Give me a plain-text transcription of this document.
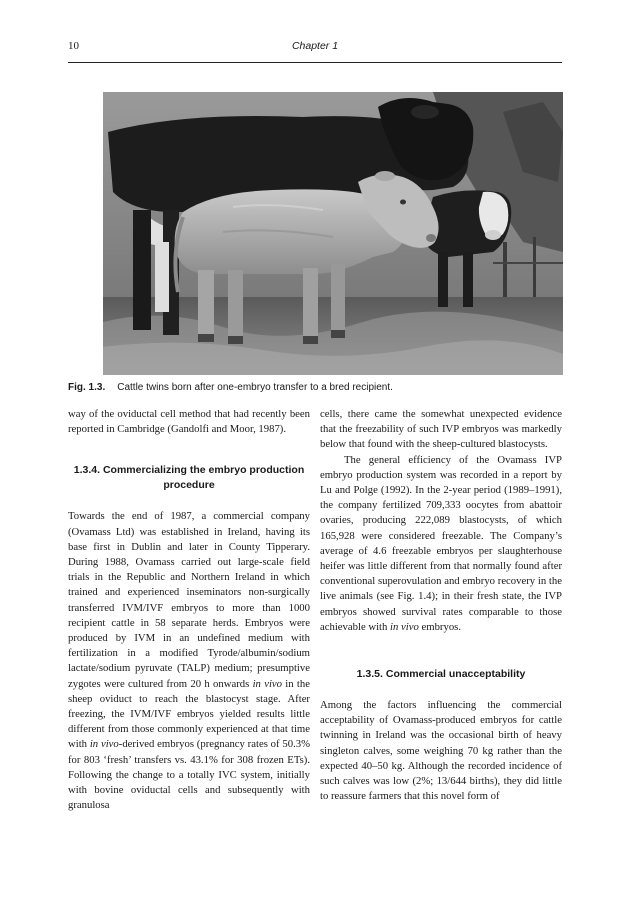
10	Chapter 1
Fig. 1.3. Cattle twins born after one-embryo transfer to a bred recipient.

way of the oviductal cell method that had recently been reported in Cambridge (Gandolfi and Moor, 1987).

1.3.4. Commercializing the embryo production procedure

Towards the end of 1987, a commercial company (Ovamass Ltd) was established in Ireland, having its base first in Dublin and later in County Tipperary. During 1988, Ovamass carried out large-scale field trials in the Republic and Northern Ireland in which trained and experienced inseminators non-surgically transferred IVM/IVF embryos to more than 1000 recipient cattle in 58 separate herds. Embryos were produced by IVM in an undefined medium with fertilization in a modified Tyrode/albumin/sodium lactate/sodium pyruvate (TALP) medium; presumptive zygotes were cultured from 20 h onwards in vivo in the sheep oviduct to reach the blastocyst stage. After freezing, the IVM/IVF embryos yielded results little different from those commonly experienced at that time with in vivo-derived embryos (pregnancy rates of 50.3% for 803 ‘fresh’ transfers vs. 43.1% for 308 frozen ETs). Following the change to a totally IVC system, initially with bovine oviductal cells and subsequently with granulosa

cells, there came the somewhat unexpected evidence that the freezability of such IVP embryos was markedly below that found with the sheep-cultured blastocysts.

The general efficiency of the Ovamass IVP embryo production system was recorded in a report by Lu and Polge (1992). In the 2-year period (1989–1991), the company fertilized 709,333 oocytes from abattoir ovaries, producing 222,089 blastocysts, of which 165,928 were considered freezable. The Company’s average of 4.6 freezable embryos per slaughterhouse heifer was little different from that normally found after conventional superovulation and embryo recovery in the live animals (see Fig. 1.4); in their fresh state, the IVP embryos showed survival rates comparable to those achievable with in vivo embryos.

1.3.5. Commercial unacceptability

Among the factors influencing the commercial acceptability of Ovamass-produced embryos for cattle twinning in Ireland was the occasional birth of heavy singleton calves, some weighing 70 kg rather than the expected 40–50 kg. Although the recorded incidence of such calves was low (2%; 13/644 births), they did little to reassure farmers that this novel form of
